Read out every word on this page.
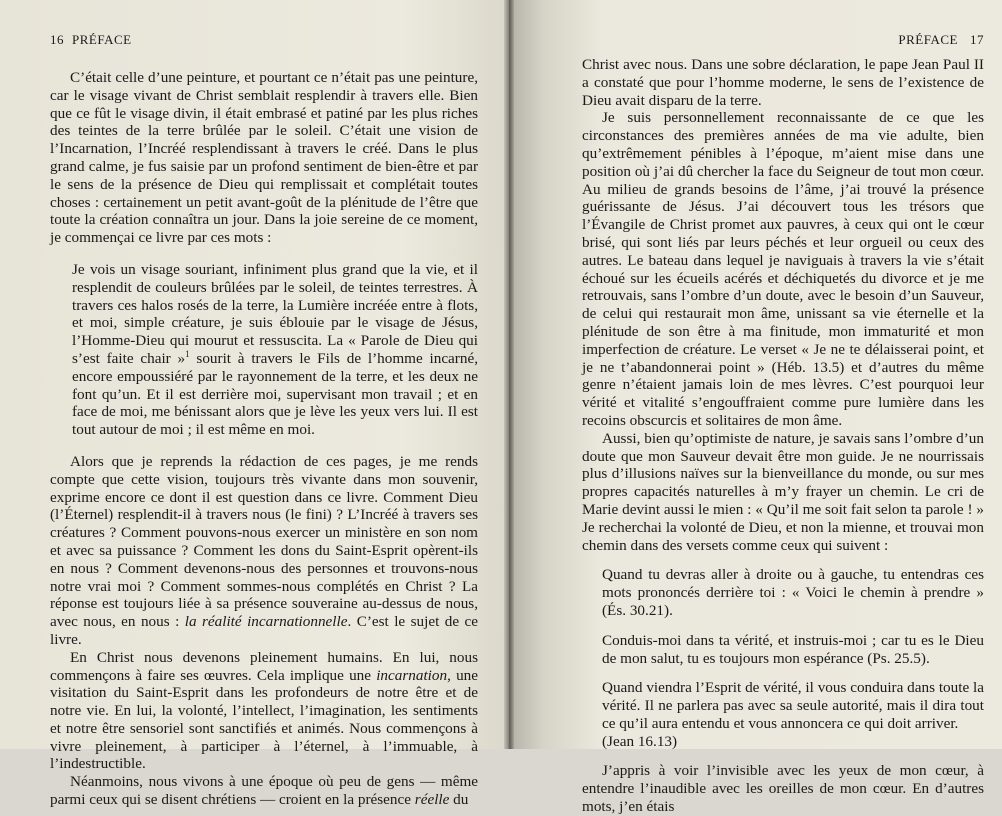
16 PRÉFACE

C’était celle d’une peinture, et pourtant ce n’était pas une peinture, car le visage vivant de Christ semblait resplendir à travers elle. Bien que ce fût le visage divin, il était embrasé et patiné par les plus riches des teintes de la terre brûlée par le soleil. C’était une vision de l’Incarnation, l’Incréé resplendissant à travers le créé. Dans le plus grand calme, je fus saisie par un profond sentiment de bien-être et par le sens de la présence de Dieu qui remplissait et complétait toutes choses : certainement un petit avant-goût de la plénitude de l’être que toute la création connaîtra un jour. Dans la joie sereine de ce moment, je commençai ce livre par ces mots :

Je vois un visage souriant, infiniment plus grand que la vie, et il resplendit de couleurs brûlées par le soleil, de teintes terrestres. À travers ces halos rosés de la terre, la Lumière incréée entre à flots, et moi, simple créature, je suis éblouie par le visage de Jésus, l’Homme-Dieu qui mourut et ressuscita. La « Parole de Dieu qui s’est faite chair »$^1$ sourit à travers le Fils de l’homme incarné, encore empoussiéré par le rayonnement de la terre, et les deux ne font qu’un. Et il est derrière moi, supervisant mon travail ; et en face de moi, me bénissant alors que je lève les yeux vers lui. Il est tout autour de moi ; il est même en moi.

Alors que je reprends la rédaction de ces pages, je me rends compte que cette vision, toujours très vivante dans mon souvenir, exprime encore ce dont il est question dans ce livre. Comment Dieu (l’Éternel) resplendit-il à travers nous (le fini) ? L’Incréé à travers ses créatures ? Comment pouvons-nous exercer un ministère en son nom et avec sa puissance ? Comment les dons du Saint-Esprit opèrent-ils en nous ? Comment devenons-nous des personnes et trouvons-nous notre vrai moi ? Comment sommes-nous complétés en Christ ? La réponse est toujours liée à sa présence souveraine au-dessus de nous, avec nous, en nous : la réalité incarnationnelle. C’est le sujet de ce livre.

En Christ nous devenons pleinement humains. En lui, nous commençons à faire ses œuvres. Cela implique une incarnation, une visitation du Saint-Esprit dans les profondeurs de notre être et de notre vie. En lui, la volonté, l’intellect, l’imagination, les sentiments et notre être sensoriel sont sanctifiés et animés. Nous commençons à vivre pleinement, à participer à l’éternel, à l’immuable, à l’indestructible.

Néanmoins, nous vivons à une époque où peu de gens — même parmi ceux qui se disent chrétiens — croient en la présence réelle du

PRÉFACE 17

Christ avec nous. Dans une sobre déclaration, le pape Jean Paul II a constaté que pour l’homme moderne, le sens de l’existence de Dieu avait disparu de la terre.

Je suis personnellement reconnaissante de ce que les circonstances des premières années de ma vie adulte, bien qu’extrêmement pénibles à l’époque, m’aient mise dans une position où j’ai dû chercher la face du Seigneur de tout mon cœur. Au milieu de grands besoins de l’âme, j’ai trouvé la présence guérissante de Jésus. J’ai découvert tous les trésors que l’Évangile de Christ promet aux pauvres, à ceux qui ont le cœur brisé, qui sont liés par leurs péchés et leur orgueil ou ceux des autres. Le bateau dans lequel je naviguais à travers la vie s’était échoué sur les écueils acérés et déchiquetés du divorce et je me retrouvais, sans l’ombre d’un doute, avec le besoin d’un Sauveur, de celui qui restaurait mon âme, unissant sa vie éternelle et la plénitude de son être à ma finitude, mon immaturité et mon imperfection de créature. Le verset « Je ne te délaisserai point, et je ne t’abandonnerai point » (Héb. 13.5) et d’autres du même genre n’étaient jamais loin de mes lèvres. C’est pourquoi leur vérité et vitalité s’engouffraient comme pure lumière dans les recoins obscurcis et solitaires de mon âme.

Aussi, bien qu’optimiste de nature, je savais sans l’ombre d’un doute que mon Sauveur devait être mon guide. Je ne nourrissais plus d’illusions naïves sur la bienveillance du monde, ou sur mes propres capacités naturelles à m’y frayer un chemin. Le cri de Marie devint aussi le mien : « Qu’il me soit fait selon ta parole ! » Je recherchai la volonté de Dieu, et non la mienne, et trouvai mon chemin dans des versets comme ceux qui suivent :

Quand tu devras aller à droite ou à gauche, tu entendras ces mots prononcés derrière toi : « Voici le chemin à prendre » (És. 30.21).

Conduis-moi dans ta vérité, et instruis-moi ; car tu es le Dieu de mon salut, tu es toujours mon espérance (Ps. 25.5).

Quand viendra l’Esprit de vérité, il vous conduira dans toute la vérité. Il ne parlera pas avec sa seule autorité, mais il dira tout ce qu’il aura entendu et vous annoncera ce qui doit arriver.
(Jean 16.13)

J’appris à voir l’invisible avec les yeux de mon cœur, à entendre l’inaudible avec les oreilles de mon cœur. En d’autres mots, j’en étais
